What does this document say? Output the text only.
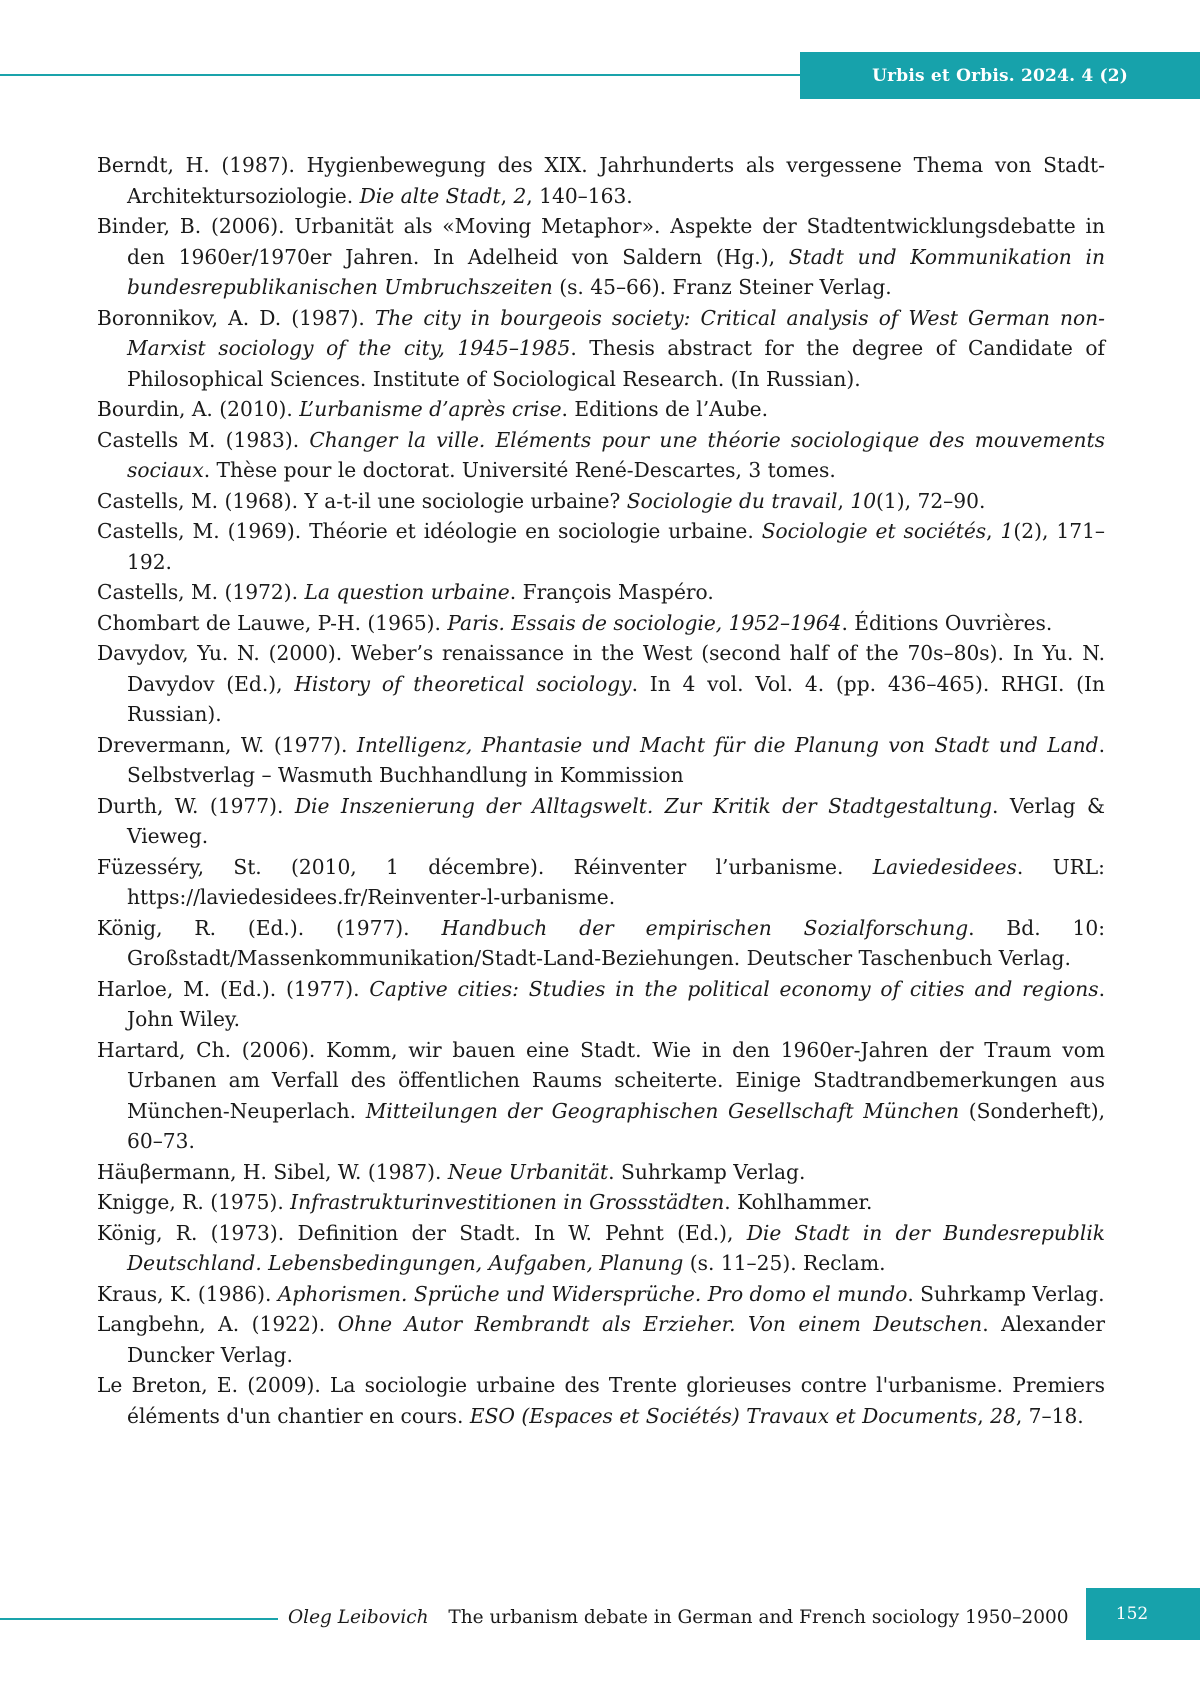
Urbis et Orbis. 2024. 4 (2)

Berndt, H. (1987). Hygienbewegung des XIX. Jahrhunderts als vergessene Thema von Stadt-Architektursoziologie. Die alte Stadt, 2, 140–163.

Binder, B. (2006). Urbanität als «Moving Metaphor». Aspekte der Stadtentwicklungsdebatte in den 1960er/1970er Jahren. In Adelheid von Saldern (Hg.), Stadt und Kommunikation in bundesrepublikanischen Umbruchszeiten (s. 45–66). Franz Steiner Verlag.

Boronnikov, A. D. (1987). The city in bourgeois society: Critical analysis of West German non-Marxist sociology of the city, 1945–1985. Thesis abstract for the degree of Candidate of Philosophical Sciences. Institute of Sociological Research. (In Russian).

Bourdin, A. (2010). L’urbanisme d’après crise. Editions de l’Aube.

Castells M. (1983). Changer la ville. Eléments pour une théorie sociologique des mouvements sociaux. Thèse pour le doctorat. Université René-Descartes, 3 tomes.

Castells, M. (1968). Y a-t-il une sociologie urbaine? Sociologie du travail, 10(1), 72–90.

Castells, M. (1969). Théorie et idéologie en sociologie urbaine. Sociologie et sociétés, 1(2), 171–192.

Castells, M. (1972). La question urbaine. François Maspéro.

Chombart de Lauwe, P-H. (1965). Paris. Essais de sociologie, 1952–1964. Éditions Ouvrières.

Davydov, Yu. N. (2000). Weber’s renaissance in the West (second half of the 70s–80s). In Yu. N. Davydov (Ed.), History of theoretical sociology. In 4 vol. Vol. 4. (pp. 436–465). RHGI. (In Russian).

Drevermann, W. (1977). Intelligenz, Phantasie und Macht für die Planung von Stadt und Land. Selbstverlag – Wasmuth Buchhandlung in Kommission

Durth, W. (1977). Die Inszenierung der Alltagswelt. Zur Kritik der Stadtgestaltung. Verlag & Vieweg.

Füzesséry, St. (2010, 1 décembre). Réinventer l’urbanisme. Laviedesidees. URL: https://laviedesidees.fr/Reinventer-l-urbanisme.

König, R. (Ed.). (1977). Handbuch der empirischen Sozialforschung. Bd. 10: Großstadt/Massenkommunikation/Stadt-Land-Beziehungen. Deutscher Taschenbuch Verlag.

Harloe, M. (Ed.). (1977). Captive cities: Studies in the political economy of cities and regions. John Wiley.

Hartard, Ch. (2006). Komm, wir bauen eine Stadt. Wie in den 1960er-Jahren der Traum vom Urbanen am Verfall des öffentlichen Raums scheiterte. Einige Stadtrandbemerkungen aus München-Neuperlach. Mitteilungen der Geographischen Gesellschaft München (Sonderheft), 60–73.

Häuβermann, H. Sibel, W. (1987). Neue Urbanität. Suhrkamp Verlag.

Knigge, R. (1975). Infrastrukturinvestitionen in Grossstädten. Kohlhammer.

König, R. (1973). Definition der Stadt. In W. Pehnt (Ed.), Die Stadt in der Bundesrepublik Deutschland. Lebensbedingungen, Aufgaben, Planung (s. 11–25). Reclam.

Kraus, K. (1986). Aphorismen. Sprüche und Widersprüche. Pro domo el mundo. Suhrkamp Verlag.

Langbehn, A. (1922). Ohne Autor Rembrandt als Erzieher. Von einem Deutschen. Alexander Duncker Verlag.

Le Breton, E. (2009). La sociologie urbaine des Trente glorieuses contre l'urbanisme. Premiers éléments d'un chantier en cours. ESO (Espaces et Sociétés) Travaux et Documents, 28, 7–18.

Oleg Leibovich The urbanism debate in German and French sociology 1950–2000	152
